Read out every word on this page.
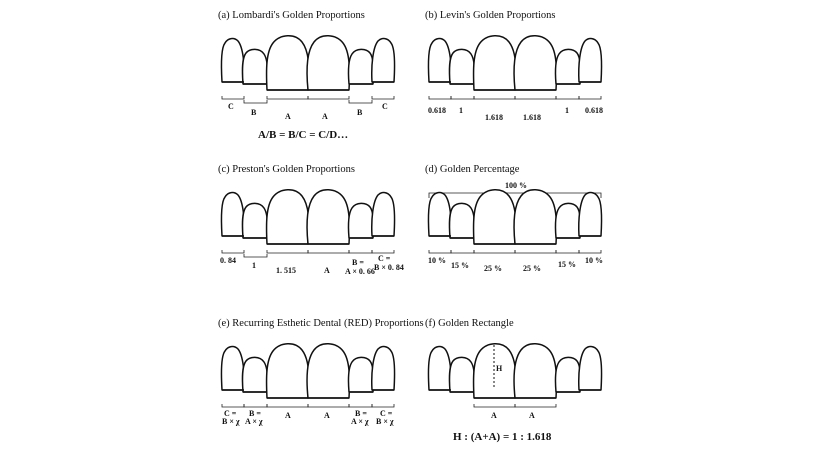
(a) Lombardi's Golden Proportions
C
B	A	A	B
C
A/B = B/C = C/D…
(b) Levin's Golden Proportions
0.618 1
1.618	1.618
1 0.618
(c) Preston's Golden Proportions
0. 84
1
1. 515	A
B =
A × 0. 66
C =
B × 0. 84
(d) Golden Percentage
100 %
10 %
15 % 25 %	25 % 15 % 10 %
(e) Recurring Esthetic Dental (RED) Proportions
C =
B × χ
B =
A × χ
A	A	B =
A × χ
C =
B × χ
(f) Golden Rectangle
H
A	A
H : (A+A) = 1 : 1.618
